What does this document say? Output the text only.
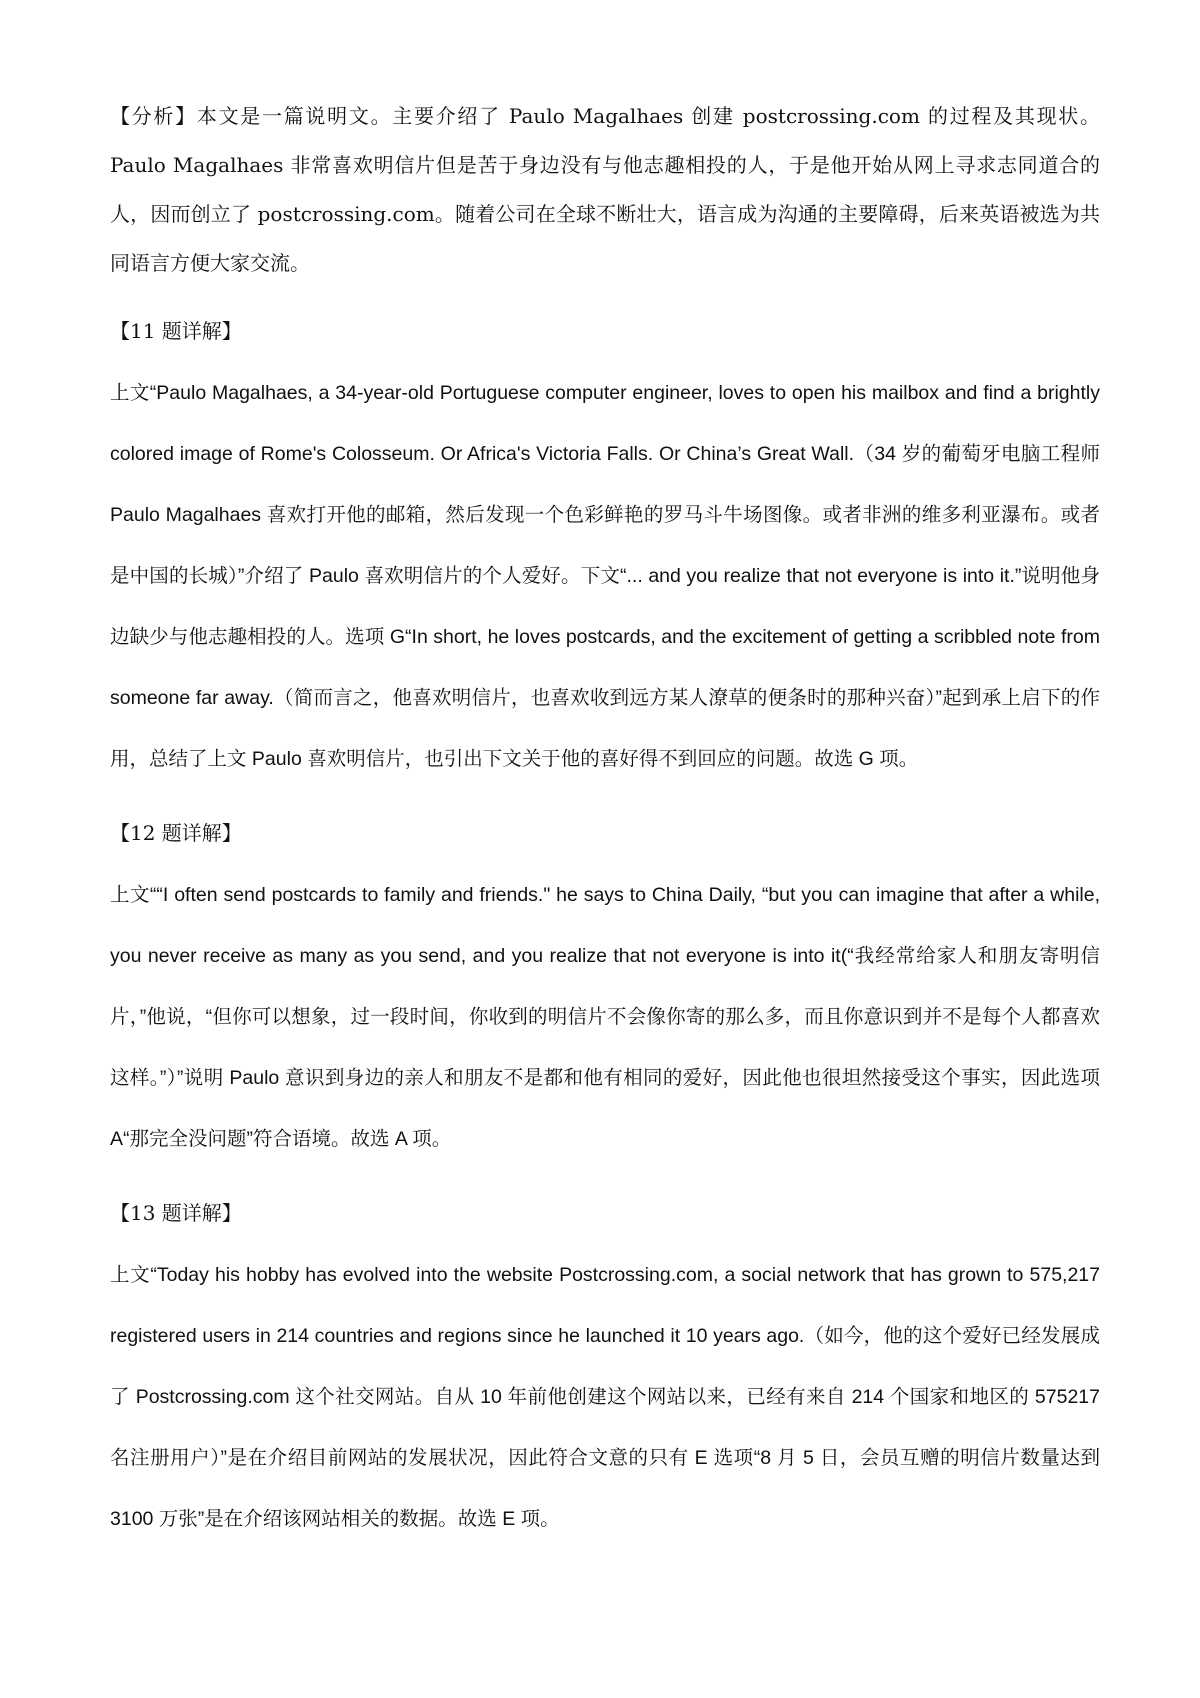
【分析】本文是一篇说明文。主要介绍了 Paulo Magalhaes 创建 postcrossing.com 的过程及其现状。Paulo Magalhaes 非常喜欢明信片但是苦于身边没有与他志趣相投的人，于是他开始从网上寻求志同道合的人，因而创立了 postcrossing.com。随着公司在全球不断壮大，语言成为沟通的主要障碍，后来英语被选为共同语言方便大家交流。

【11 题详解】

上文“Paulo Magalhaes, a 34-year-old Portuguese computer engineer, loves to open his mailbox and find a brightly colored image of Rome's Colosseum. Or Africa's Victoria Falls. Or China’s Great Wall.（34 岁的葡萄牙电脑工程师 Paulo Magalhaes 喜欢打开他的邮箱，然后发现一个色彩鲜艳的罗马斗牛场图像。或者非洲的维多利亚瀑布。或者是中国的长城）”介绍了 Paulo 喜欢明信片的个人爱好。下文“... and you realize that not everyone is into it.”说明他身边缺少与他志趣相投的人。选项 G“In short, he loves postcards, and the excitement of getting a scribbled note from someone far away.（简而言之，他喜欢明信片，也喜欢收到远方某人潦草的便条时的那种兴奋）”起到承上启下的作用，总结了上文 Paulo 喜欢明信片，也引出下文关于他的喜好得不到回应的问题。故选 G 项。

【12 题详解】

上文““I often send postcards to family and friends." he says to China Daily, “but you can imagine that after a while, you never receive as many as you send, and you realize that not everyone is into it(“我经常给家人和朋友寄明信片，”他说，“但你可以想象，过一段时间，你收到的明信片不会像你寄的那么多，而且你意识到并不是每个人都喜欢这样。”）”说明 Paulo 意识到身边的亲人和朋友不是都和他有相同的爱好，因此他也很坦然接受这个事实，因此选项 A“那完全没问题”符合语境。故选 A 项。

【13 题详解】

上文“Today his hobby has evolved into the website Postcrossing.com, a social network that has grown to 575,217 registered users in 214 countries and regions since he launched it 10 years ago.（如今，他的这个爱好已经发展成了 Postcrossing.com 这个社交网站。自从 10 年前他创建这个网站以来，已经有来自 214 个国家和地区的 575217 名注册用户）”是在介绍目前网站的发展状况，因此符合文意的只有 E 选项“8 月 5 日，会员互赠的明信片数量达到 3100 万张”是在介绍该网站相关的数据。故选 E 项。
